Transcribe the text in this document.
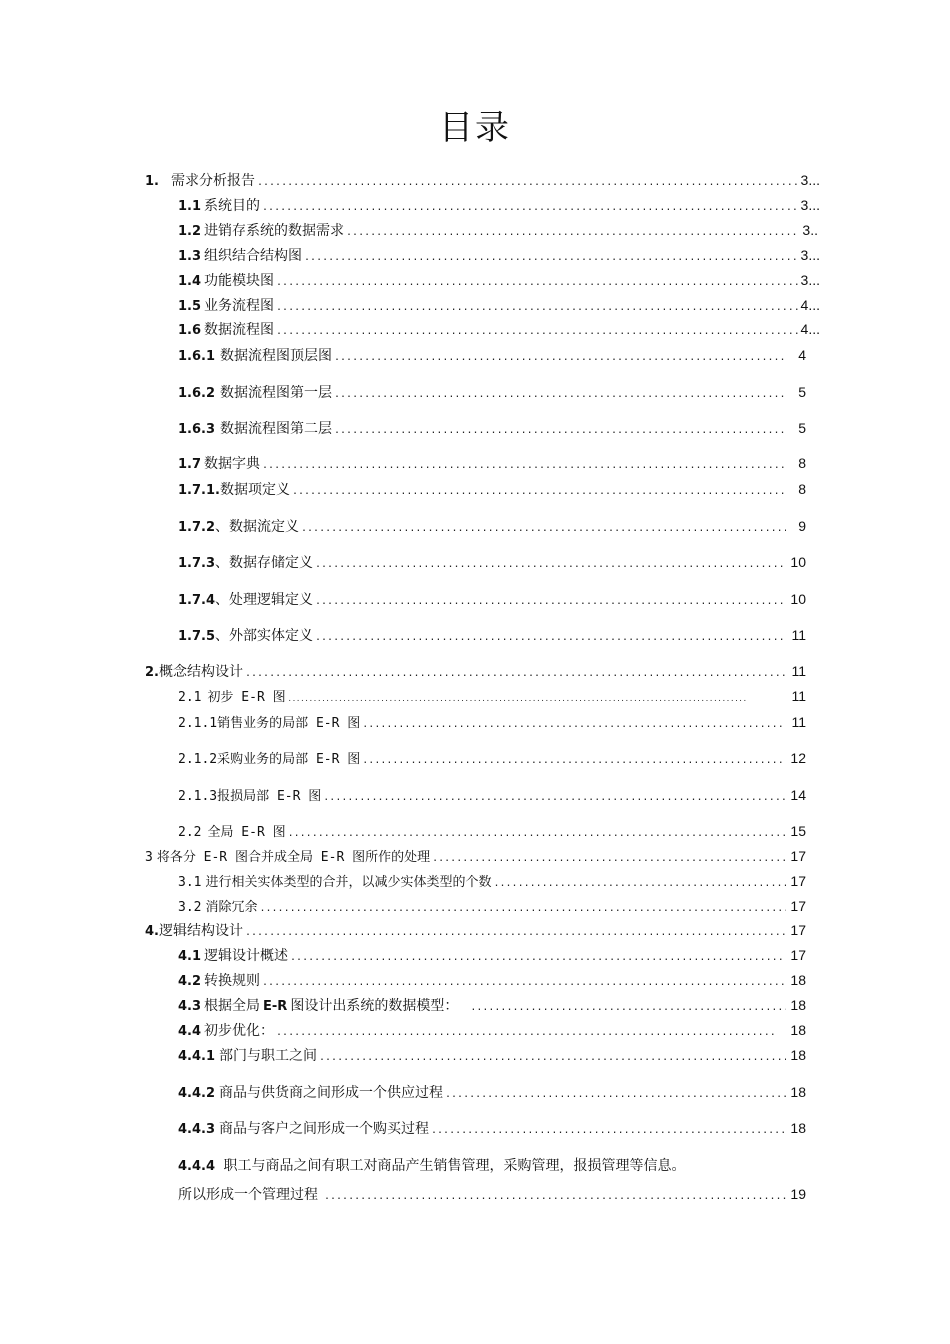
目录
1 . 需求分析报告 .....	3...
1.1 系统目的 .....	3...
1.2 进销存系统的数据需求 .....	3..
1.3 组织结合结构图 .....	3...
1.4 功能模块图 .....	3...
1.5 业务流程图 .....	4...
1.6 数据流程图 .....	4...
1.6.1 数据流程图顶层图 .....	4
1.6.2 数据流程图第一层 .....	5
1.6.3 数据流程图第二层 .....	5
1.7 数据字典 .....	8
1.7.1. 数据项定义 .....	8
1.7.2 、数据流定义 .....	9
1.7.3 、数据存储定义 .....	10
1.7.4 、处理逻辑定义 .....	10
1.7.5 、外部实体定义 .....	11
2. 概念结构设计 .....	11
2.1 初步 E-R 图 .....	11
2.1.1 销售业务的局部 E-R 图 .....	11
2.1.2 采购业务的局部 E-R 图 .....	12
2.1.3 报损局部 E-R 图 .....	14
2.2 全局 E-R 图 .....	15
3 将各分 E-R 图合并成全局 E-R 图所作的处理 .....	17
3.1 进行相关实体类型的合并，以减少实体类型的个数 .....	17
3.2 消除冗余 .....	17
4. 逻辑结构设计 .....	17
4.1 逻辑设计概述 .....	17
4.2 转换规则 .....	18
4.3 根据全局 E-R 图设计出系统的数据模型： .....	18
4.4 初步优化： .....	18
4.4.1 部门与职工之间 .....	18
4.4.2 商品与供货商之间形成一个供应过程 .....	18
4.4.3 商品与客户之间形成一个购买过程 .....	18
4.4.4 职工与商品之间有职工对商品产生销售管理，采购管理，报损管理等信息。
所以形成一个管理过程 .....	19
